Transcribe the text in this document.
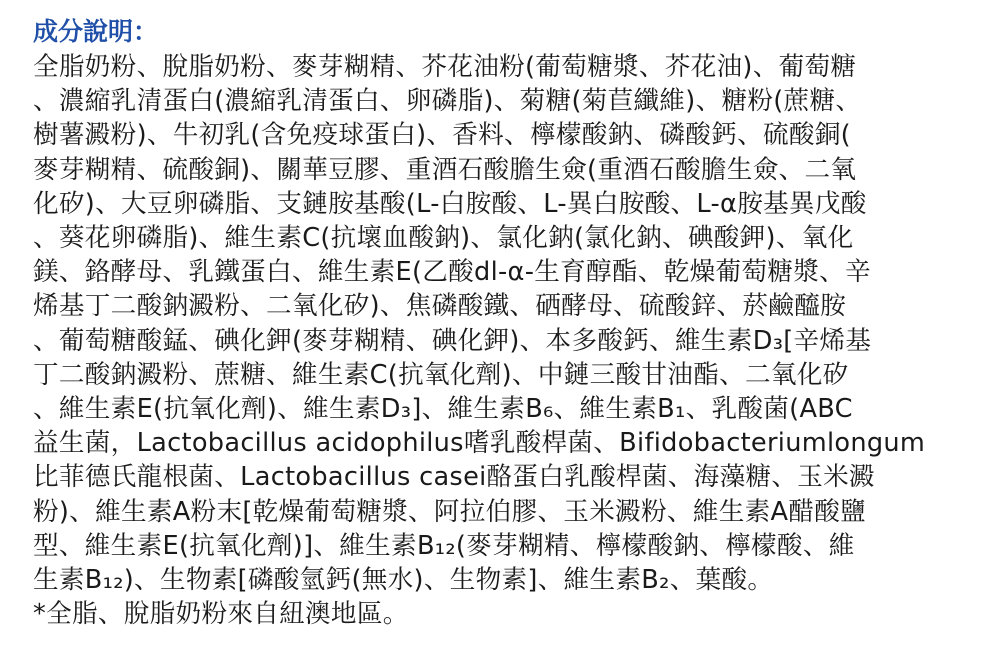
成分說明：
全脂奶粉、脫脂奶粉、麥芽糊精、芥花油粉(葡萄糖漿、芥花油)、葡萄糖
、濃縮乳清蛋白(濃縮乳清蛋白、卵磷脂)、菊糖(菊苣纖維)、糖粉(蔗糖、
樹薯澱粉)、牛初乳(含免疫球蛋白)、香料、檸檬酸鈉、磷酸鈣、硫酸銅(
麥芽糊精、硫酸銅)、關華豆膠、重酒石酸膽生僉(重酒石酸膽生僉、二氧
化矽)、大豆卵磷脂、支鏈胺基酸(L-白胺酸、L-異白胺酸、L-α胺基異戊酸
、葵花卵磷脂)、維生素C(抗壞血酸鈉)、氯化鈉(氯化鈉、碘酸鉀)、氧化
鎂、鉻酵母、乳鐵蛋白、維生素E(乙酸dl-α-生育醇酯、乾燥葡萄糖漿、辛
烯基丁二酸鈉澱粉、二氧化矽)、焦磷酸鐵、硒酵母、硫酸鋅、菸鹼醯胺
、葡萄糖酸錳、碘化鉀(麥芽糊精、碘化鉀)、本多酸鈣、維生素D₃[辛烯基
丁二酸鈉澱粉、蔗糖、維生素C(抗氧化劑)、中鏈三酸甘油酯、二氧化矽
、維生素E(抗氧化劑)、維生素D₃]、維生素B₆、維生素B₁、乳酸菌(ABC
益生菌，Lactobacillus acidophilus嗜乳酸桿菌、Bifidobacteriumlongum
比菲德氏龍根菌、Lactobacillus casei酪蛋白乳酸桿菌、海藻糖、玉米澱
粉)、維生素A粉末[乾燥葡萄糖漿、阿拉伯膠、玉米澱粉、維生素A醋酸鹽
型、維生素E(抗氧化劑)]、維生素B₁₂(麥芽糊精、檸檬酸鈉、檸檬酸、維
生素B₁₂)、生物素[磷酸氫鈣(無水)、生物素]、維生素B₂、葉酸。
*全脂、脫脂奶粉來自紐澳地區。
